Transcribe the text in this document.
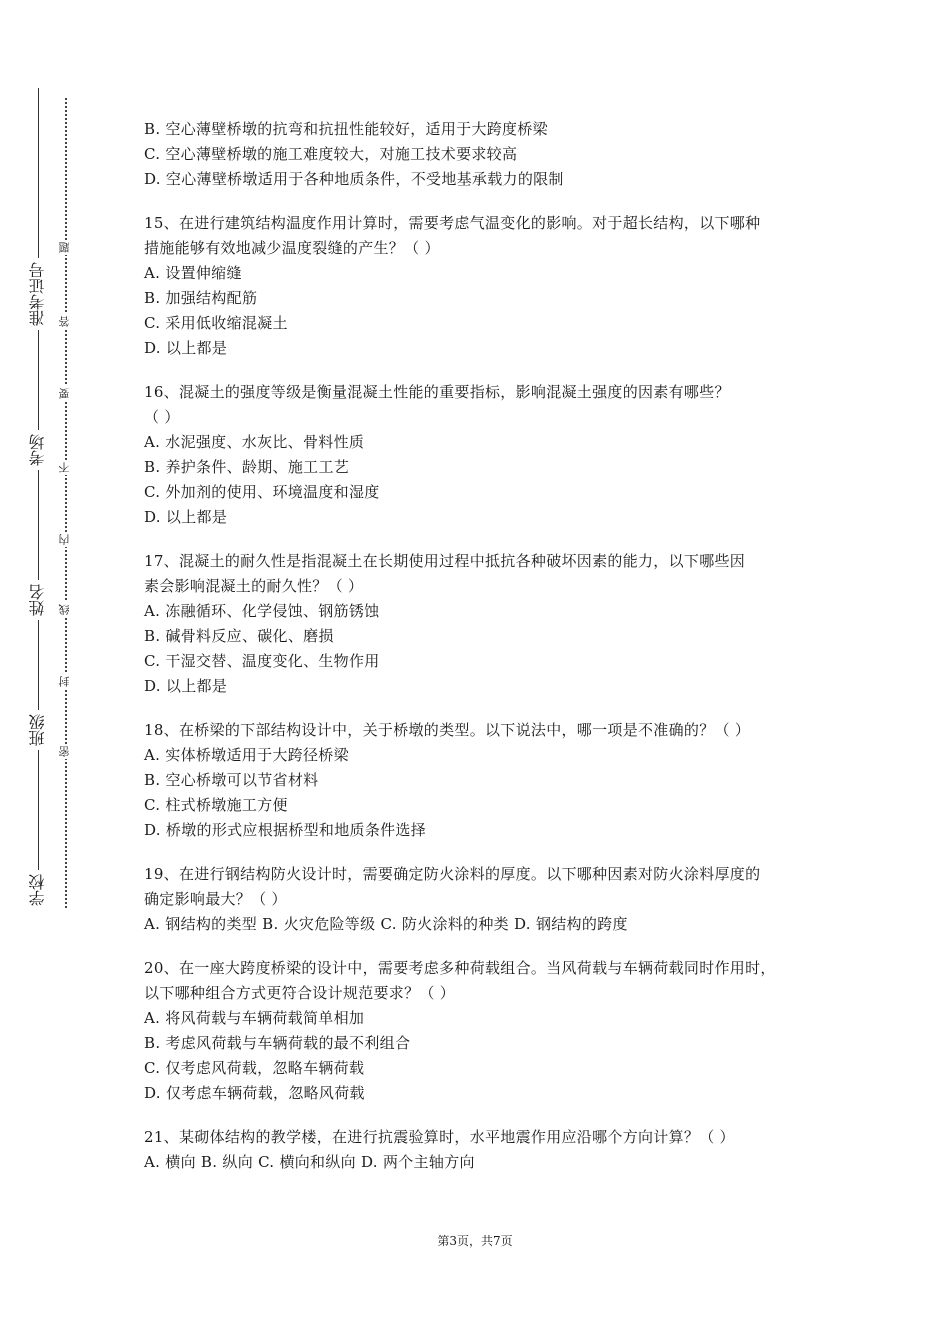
准考证号
考场
姓名
班级
学校
题
答
要
不
内
线
封
密
B. 空心薄壁桥墩的抗弯和抗扭性能较好，适用于大跨度桥梁
C. 空心薄壁桥墩的施工难度较大，对施工技术要求较高
D. 空心薄壁桥墩适用于各种地质条件，不受地基承载力的限制
15、在进行建筑结构温度作用计算时，需要考虑气温变化的影响。对于超长结构，以下哪种
措施能够有效地减少温度裂缝的产生？（ ）
A. 设置伸缩缝
B. 加强结构配筋
C. 采用低收缩混凝土
D. 以上都是
16、混凝土的强度等级是衡量混凝土性能的重要指标，影响混凝土强度的因素有哪些？
（ ）
A. 水泥强度、水灰比、骨料性质
B. 养护条件、龄期、施工工艺
C. 外加剂的使用、环境温度和湿度
D. 以上都是
17、混凝土的耐久性是指混凝土在长期使用过程中抵抗各种破坏因素的能力，以下哪些因
素会影响混凝土的耐久性？（ ）
A. 冻融循环、化学侵蚀、钢筋锈蚀
B. 碱骨料反应、碳化、磨损
C. 干湿交替、温度变化、生物作用
D. 以上都是
18、在桥梁的下部结构设计中，关于桥墩的类型。以下说法中，哪一项是不准确的？（ ）
A. 实体桥墩适用于大跨径桥梁
B. 空心桥墩可以节省材料
C. 柱式桥墩施工方便
D. 桥墩的形式应根据桥型和地质条件选择
19、在进行钢结构防火设计时，需要确定防火涂料的厚度。以下哪种因素对防火涂料厚度的
确定影响最大？（ ）
A. 钢结构的类型 B. 火灾危险等级 C. 防火涂料的种类 D. 钢结构的跨度
20、在一座大跨度桥梁的设计中，需要考虑多种荷载组合。当风荷载与车辆荷载同时作用时，
以下哪种组合方式更符合设计规范要求？（ ）
A. 将风荷载与车辆荷载简单相加
B. 考虑风荷载与车辆荷载的最不利组合
C. 仅考虑风荷载，忽略车辆荷载
D. 仅考虑车辆荷载，忽略风荷载
21、某砌体结构的教学楼，在进行抗震验算时，水平地震作用应沿哪个方向计算？（ ）
A. 横向 B. 纵向 C. 横向和纵向 D. 两个主轴方向
第3页，共7页
